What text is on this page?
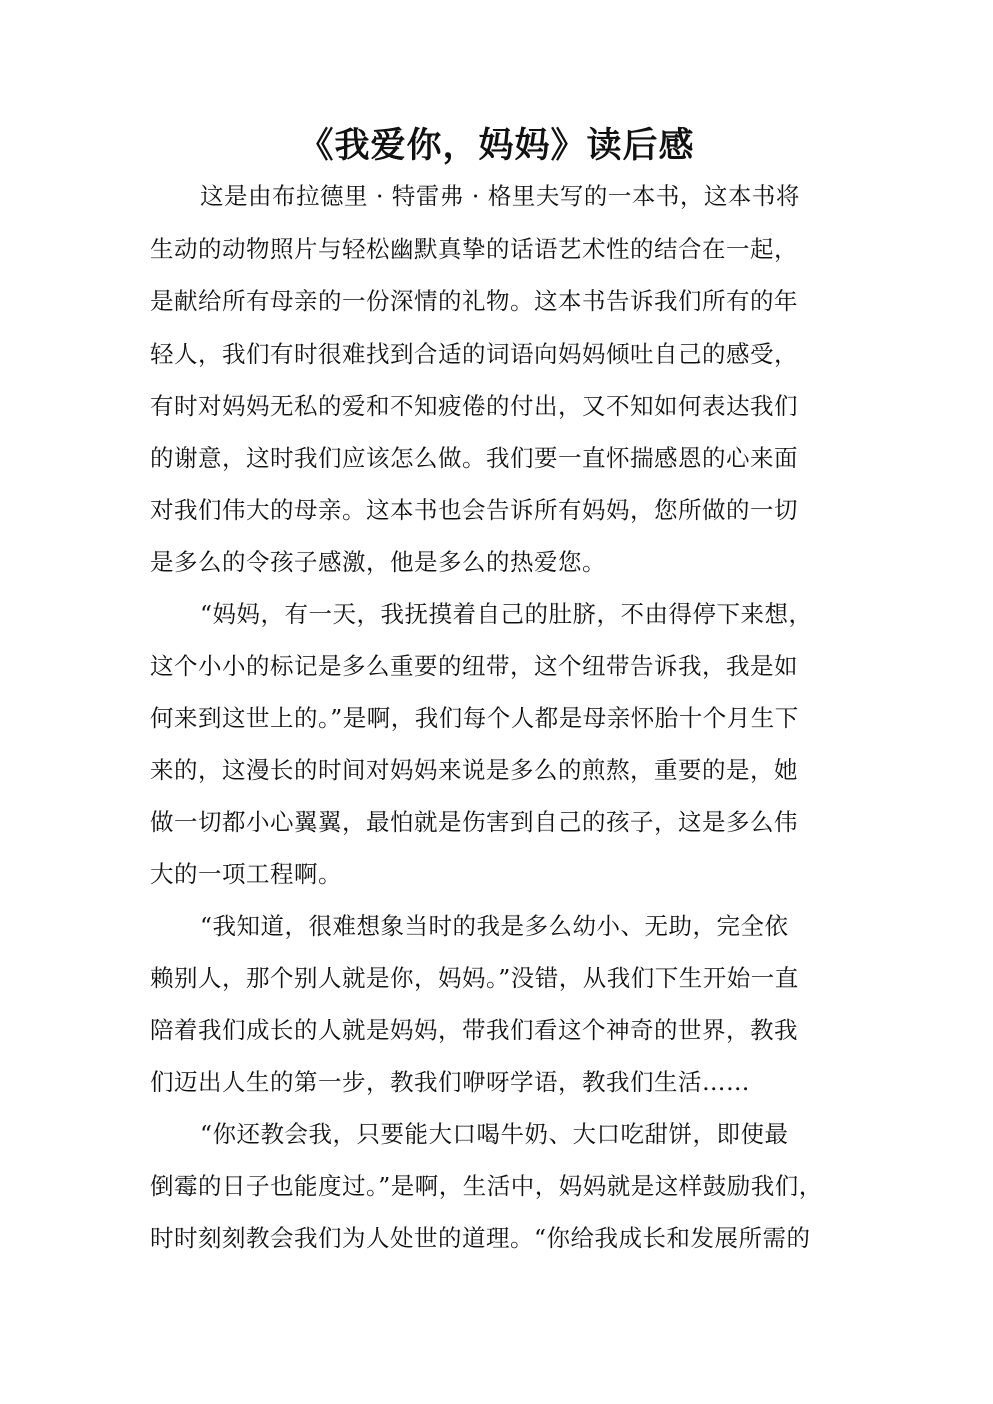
《我爱你，妈妈》读后感
这是由布拉德里 · 特雷弗 · 格里夫写的一本书，这本书将
生动的动物照片与轻松幽默真挚的话语艺术性的结合在一起，
是献给所有母亲的一份深情的礼物。这本书告诉我们所有的年
轻人，我们有时很难找到合适的词语向妈妈倾吐自己的感受，
有时对妈妈无私的爱和不知疲倦的付出，又不知如何表达我们
的谢意，这时我们应该怎么做。我们要一直怀揣感恩的心来面
对我们伟大的母亲。这本书也会告诉所有妈妈，您所做的一切
是多么的令孩子感激，他是多么的热爱您。
“妈妈，有一天，我抚摸着自己的肚脐，不由得停下来想，
这个小小的标记是多么重要的纽带，这个纽带告诉我，我是如
何来到这世上的。”是啊，我们每个人都是母亲怀胎十个月生下
来的，这漫长的时间对妈妈来说是多么的煎熬，重要的是，她
做一切都小心翼翼，最怕就是伤害到自己的孩子，这是多么伟
大的一项工程啊。
“我知道，很难想象当时的我是多么幼小、无助，完全依
赖别人，那个别人就是你，妈妈。”没错，从我们下生开始一直
陪着我们成长的人就是妈妈，带我们看这个神奇的世界，教我
们迈出人生的第一步，教我们咿呀学语，教我们生活……
“你还教会我，只要能大口喝牛奶、大口吃甜饼，即使最
倒霉的日子也能度过。”是啊，生活中，妈妈就是这样鼓励我们，
时时刻刻教会我们为人处世的道理。“你给我成长和发展所需的
